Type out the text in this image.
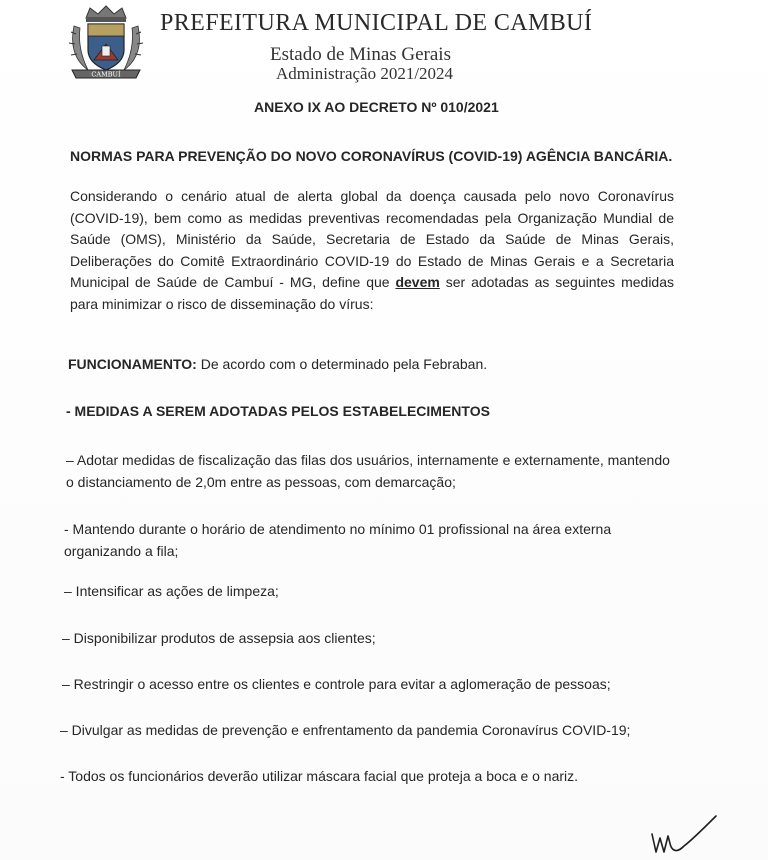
CAMBUÍ
PREFEITURA MUNICIPAL DE CAMBUÍ
Estado de Minas Gerais
Administração 2021/2024
ANEXO IX AO DECRETO Nº 010/2021
NORMAS PARA PREVENÇÃO DO NOVO CORONAVÍRUS (COVID-19) AGÊNCIA BANCÁRIA.
Considerando o cenário atual de alerta global da doença causada pelo novo Coronavírus (COVID-19), bem como as medidas preventivas recomendadas pela Organização Mundial de Saúde (OMS), Ministério da Saúde, Secretaria de Estado da Saúde de Minas Gerais, Deliberações do Comitê Extraordinário COVID-19 do Estado de Minas Gerais e a Secretaria Municipal de Saúde de Cambuí - MG, define que devem ser adotadas as seguintes medidas para minimizar o risco de disseminação do vírus:
FUNCIONAMENTO: De acordo com o determinado pela Febraban.
- MEDIDAS A SEREM ADOTADAS PELOS ESTABELECIMENTOS
– Adotar medidas de fiscalização das filas dos usuários, internamente e externamente, mantendo o distanciamento de 2,0m entre as pessoas, com demarcação;
- Mantendo durante o horário de atendimento no mínimo 01 profissional na área externa organizando a fila;
– Intensificar as ações de limpeza;
– Disponibilizar produtos de assepsia aos clientes;
– Restringir o acesso entre os clientes e controle para evitar a aglomeração de pessoas;
– Divulgar as medidas de prevenção e enfrentamento da pandemia Coronavírus COVID-19;
- Todos os funcionários deverão utilizar máscara facial que proteja a boca e o nariz.
